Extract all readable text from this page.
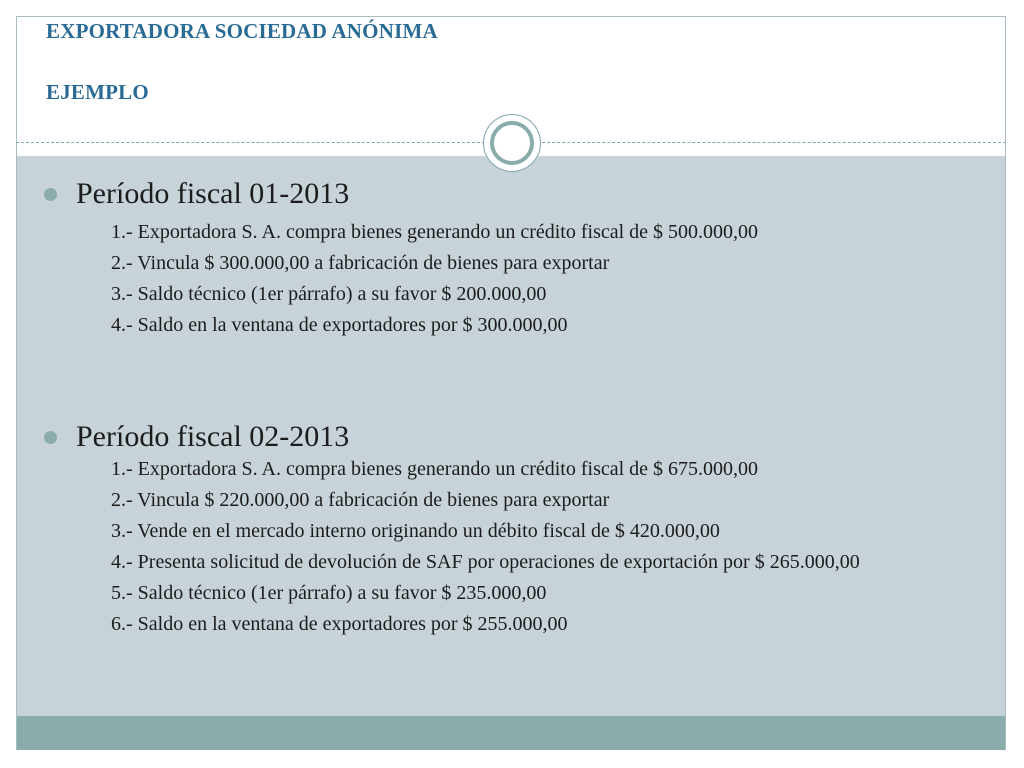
EXPORTADORA SOCIEDAD ANÓNIMA
EJEMPLO
Período fiscal 01-2013
1.- Exportadora S. A. compra bienes generando un crédito fiscal de $ 500.000,00
2.- Vincula $ 300.000,00 a fabricación de bienes para exportar
3.- Saldo técnico (1er párrafo) a su favor $ 200.000,00
4.- Saldo en la ventana de exportadores por $ 300.000,00
Período fiscal 02-2013
1.- Exportadora S. A. compra bienes generando un crédito fiscal de $ 675.000,00
2.- Vincula $ 220.000,00 a fabricación de bienes para exportar
3.- Vende en el mercado interno originando un débito fiscal de $ 420.000,00
4.- Presenta solicitud de devolución de SAF por operaciones de exportación por $ 265.000,00
5.- Saldo técnico (1er párrafo) a su favor $ 235.000,00
6.- Saldo en la ventana de exportadores por $ 255.000,00
